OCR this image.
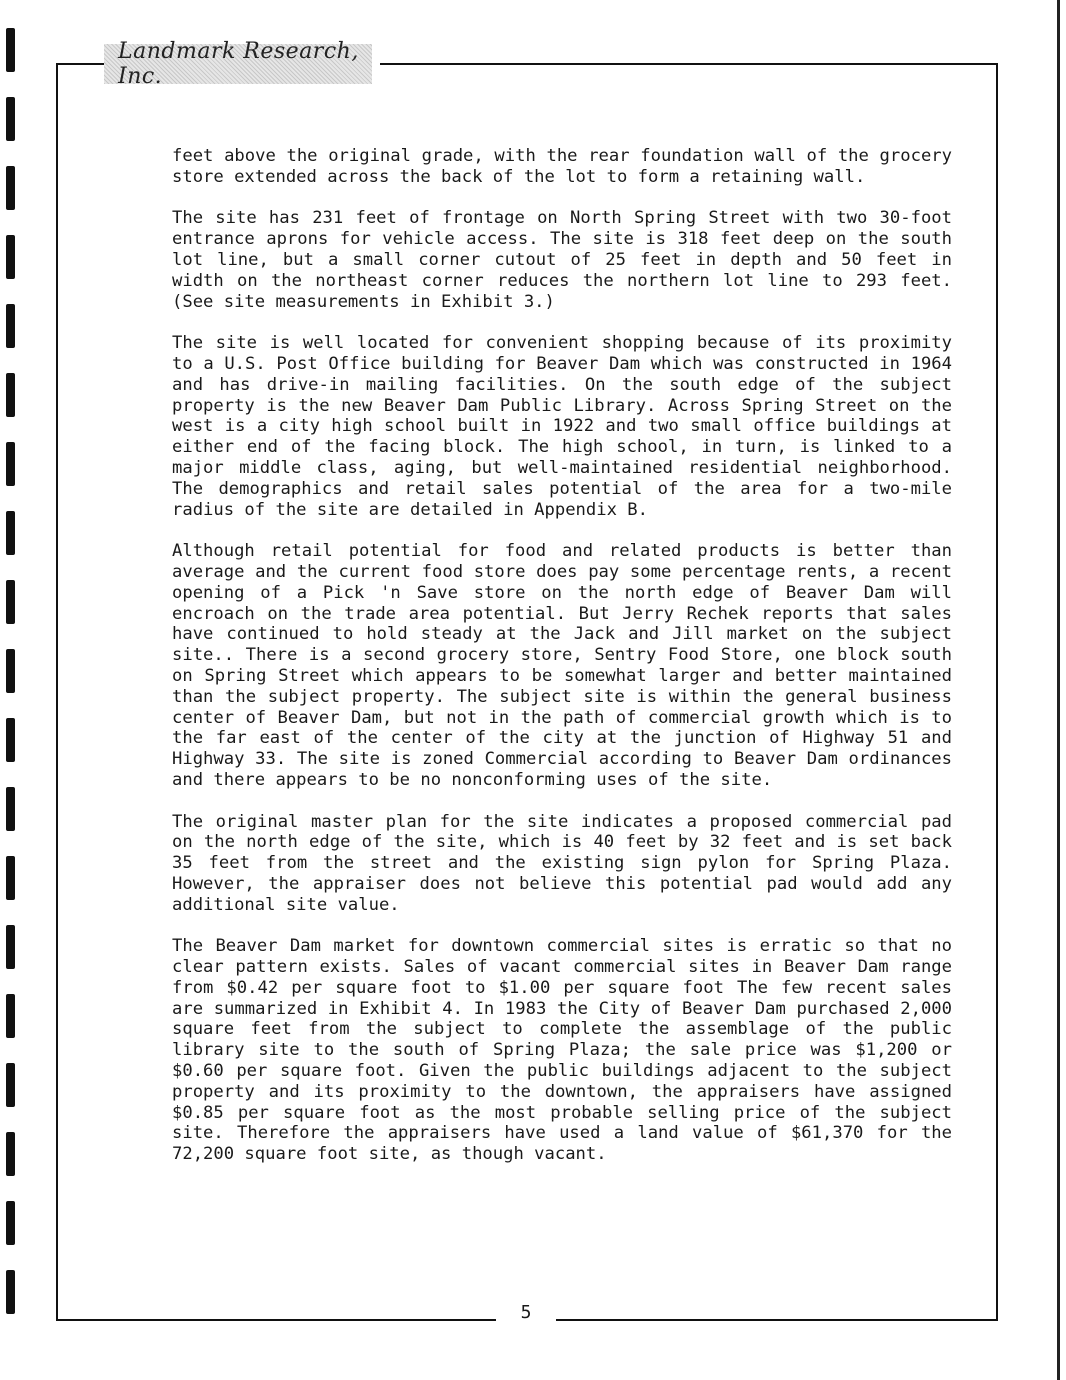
Landmark Research, Inc.

feet above the original grade, with the rear foundation wall of the grocery store extended across the back of the lot to form a retaining wall.

The site has 231 feet of frontage on North Spring Street with two 30-foot entrance aprons for vehicle access. The site is 318 feet deep on the south lot line, but a small corner cutout of 25 feet in depth and 50 feet in width on the northeast corner reduces the northern lot line to 293 feet. (See site measurements in Exhibit 3.)

The site is well located for convenient shopping because of its proximity to a U.S. Post Office building for Beaver Dam which was constructed in 1964 and has drive-in mailing facilities. On the south edge of the subject property is the new Beaver Dam Public Library. Across Spring Street on the west is a city high school built in 1922 and two small office buildings at either end of the facing block. The high school, in turn, is linked to a major middle class, aging, but well-maintained residential neighborhood. The demographics and retail sales potential of the area for a two-mile radius of the site are detailed in Appendix B.

Although retail potential for food and related products is better than average and the current food store does pay some percentage rents, a recent opening of a Pick 'n Save store on the north edge of Beaver Dam will encroach on the trade area potential. But Jerry Rechek reports that sales have continued to hold steady at the Jack and Jill market on the subject site.. There is a second grocery store, Sentry Food Store, one block south on Spring Street which appears to be somewhat larger and better maintained than the subject property. The subject site is within the general business center of Beaver Dam, but not in the path of commercial growth which is to the far east of the center of the city at the junction of Highway 51 and Highway 33. The site is zoned Commercial according to Beaver Dam ordinances and there appears to be no nonconforming uses of the site.

The original master plan for the site indicates a proposed commercial pad on the north edge of the site, which is 40 feet by 32 feet and is set back 35 feet from the street and the existing sign pylon for Spring Plaza. However, the appraiser does not believe this potential pad would add any additional site value.

The Beaver Dam market for downtown commercial sites is erratic so that no clear pattern exists. Sales of vacant commercial sites in Beaver Dam range from $0.42 per square foot to $1.00 per square foot The few recent sales are summarized in Exhibit 4. In 1983 the City of Beaver Dam purchased 2,000 square feet from the subject to complete the assemblage of the public library site to the south of Spring Plaza; the sale price was $1,200 or $0.60 per square foot. Given the public buildings adjacent to the subject property and its proximity to the downtown, the appraisers have assigned $0.85 per square foot as the most probable selling price of the subject site. Therefore the appraisers have used a land value of $61,370 for the 72,200 square foot site, as though vacant.

5
